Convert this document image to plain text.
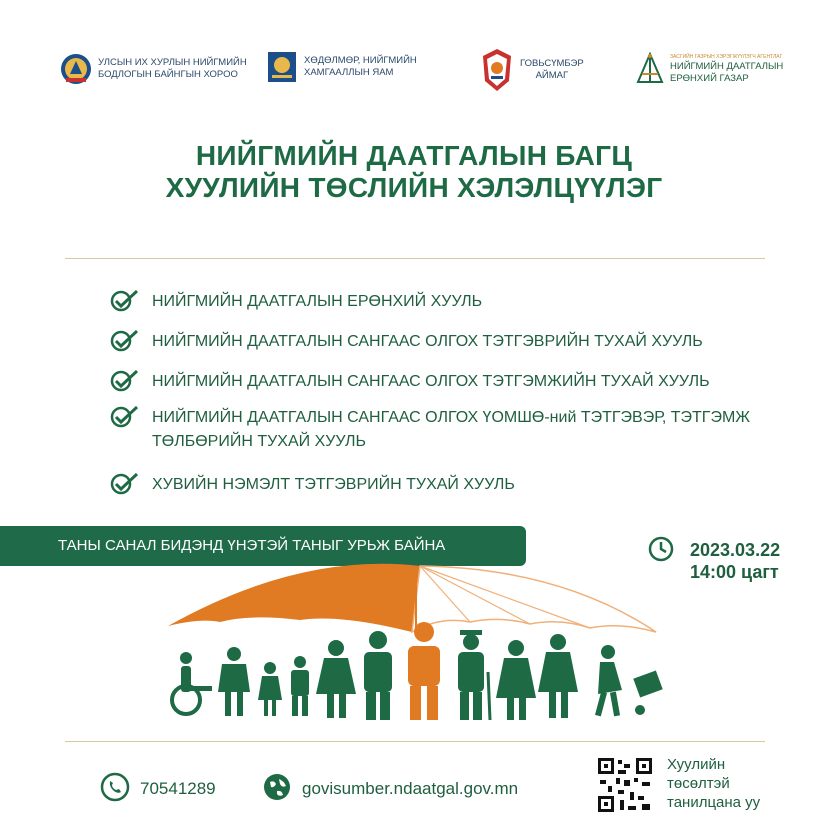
УЛСЫН ИХ ХУРЛЫН НИЙГМИЙН
БОДЛОГЫН БАЙНГЫН ХОРОО
ХӨДӨЛМӨР, НИЙГМИЙН
ХАМГААЛЛЫН ЯАМ
ГОВЬСҮМБЭР
АЙМАГ
ЗАСГИЙН ГАЗРЫН ХЭРЭГЖҮҮЛЭГЧ АГЕНТЛАГ
НИЙГМИЙН ДААТГАЛЫН
ЕРӨНХИЙ ГАЗАР
НИЙГМИЙН ДААТГАЛЫН БАГЦ
ХУУЛИЙН ТӨСЛИЙН ХЭЛЭЛЦҮҮЛЭГ
НИЙГМИЙН ДААТГАЛЫН ЕРӨНХИЙ ХУУЛЬ
НИЙГМИЙН ДААТГАЛЫН САНГААС ОЛГОХ ТЭТГЭВРИЙН ТУХАЙ ХУУЛЬ
НИЙГМИЙН ДААТГАЛЫН САНГААС ОЛГОХ ТЭТГЭМЖИЙН ТУХАЙ ХУУЛЬ
НИЙГМИЙН ДААТГАЛЫН САНГААС ОЛГОХ ҮОМШӨ-ний ТЭТГЭВЭР, ТЭТГЭМЖ
ТӨЛБӨРИЙН ТУХАЙ ХУУЛЬ
ХУВИЙН НЭМЭЛТ ТЭТГЭВРИЙН ТУХАЙ ХУУЛЬ
ТАНЫ САНАЛ БИДЭНД ҮНЭТЭЙ ТАНЫГ УРЬЖ БАЙНА	2023.03.22
14:00 цагт
70541289	govisumber.ndaatgal.gov.mn
Хуулийн
төсөлтэй
танилцана уу
